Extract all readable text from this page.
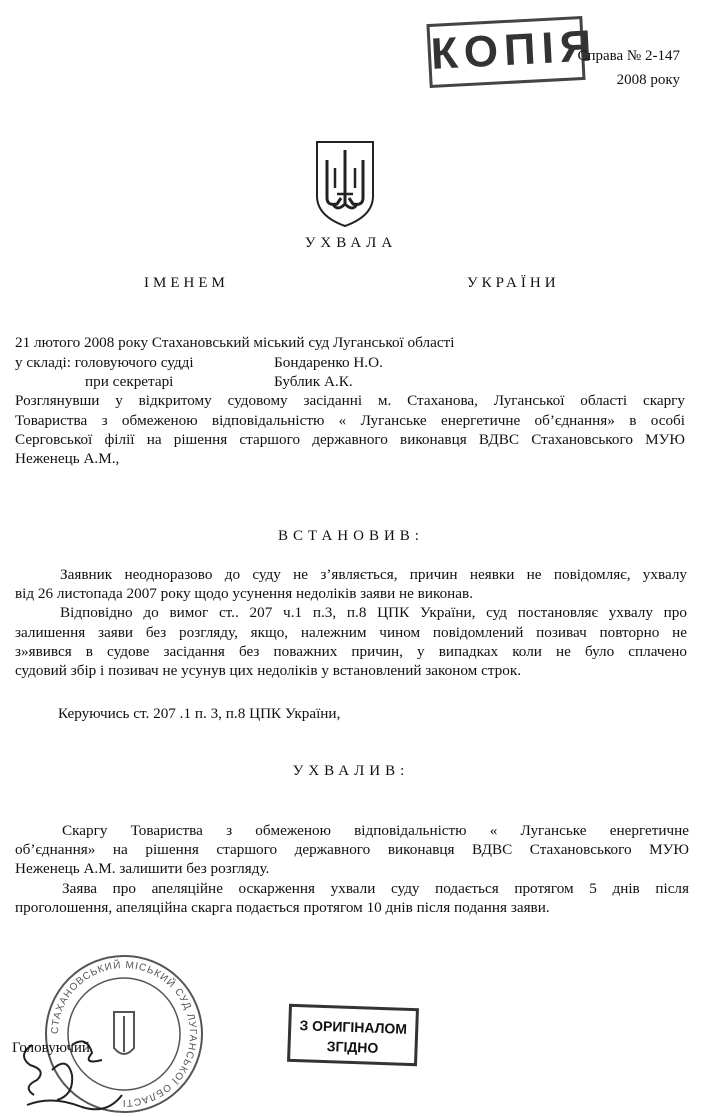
КОПІЯ
Справа № 2-147
2008 року
УХВАЛА
ІМЕНЕМ	УКРАЇНИ
21 лютого 2008 року Стахановський міський суд Луганської області
у складі: головуючого судді	Бондаренко Н.О.
при секретарі	Бублик А.К.
Розглянувши у відкритому судовому засіданні м. Стаханова, Луганської області скаргу
Товариства з обмеженою відповідальністю « Луганське енергетичне об’єднання» в особі
Серговської філії на рішення старшого державного виконавця ВДВС Стахановського МУЮ
Неженець А.М.,
ВСТАНОВИВ:
Заявник неодноразово до суду не з’являється, причин неявки не повідомляє, ухвалу
від 26 листопада 2007 року щодо усунення недоліків заяви не виконав.
Відповідно до вимог ст.. 207 ч.1 п.3, п.8 ЦПК України, суд постановляє ухвалу про
залишення заяви без розгляду, якщо, належним чином повідомлений позивач повторно не
з»явився в судове засідання без поважних причин, у випадках коли не було сплачено
судовий збір і позивач не усунув цих недоліків у встановлений законом строк.
Керуючись ст. 207 .1 п. 3, п.8 ЦПК України,
УХВАЛИВ:
Скаргу Товариства з обмеженою відповідальністю « Луганське енергетичне
об’єднання» на рішення старшого державного виконавця ВДВС Стахановського МУЮ
Неженець А.М. залишити без розгляду.
Заява про апеляційне оскарження ухвали суду подається протягом 5 днів після
проголошення, апеляційна скарга подається протягом 10 днів після подання заяви.
СТАХАНОВСЬКИЙ МІСЬКИЙ СУД ЛУГАНСЬКОЇ ОБЛАСТІ
Головуючий
З ОРИГІНАЛОМ
ЗГІДНО
